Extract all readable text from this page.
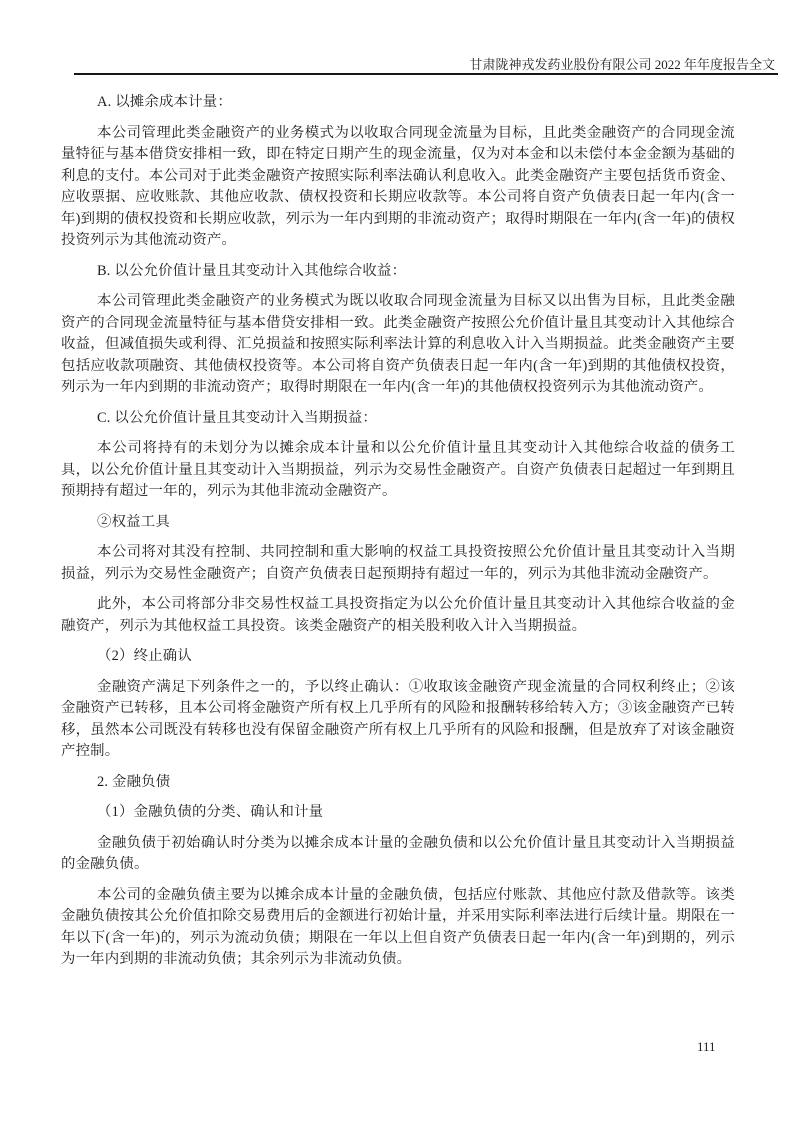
甘肃陇神戎发药业股份有限公司 2022 年年度报告全文
A. 以摊余成本计量：
本公司管理此类金融资产的业务模式为以收取合同现金流量为目标，且此类金融资产的合同现金流量特征与基本借贷安排相一致，即在特定日期产生的现金流量，仅为对本金和以未偿付本金金额为基础的利息的支付。本公司对于此类金融资产按照实际利率法确认利息收入。此类金融资产主要包括货币资金、应收票据、应收账款、其他应收款、债权投资和长期应收款等。本公司将自资产负债表日起一年内(含一年)到期的债权投资和长期应收款，列示为一年内到期的非流动资产；取得时期限在一年内(含一年)的债权投资列示为其他流动资产。
B. 以公允价值计量且其变动计入其他综合收益：
本公司管理此类金融资产的业务模式为既以收取合同现金流量为目标又以出售为目标，且此类金融资产的合同现金流量特征与基本借贷安排相一致。此类金融资产按照公允价值计量且其变动计入其他综合收益，但减值损失或利得、汇兑损益和按照实际利率法计算的利息收入计入当期损益。此类金融资产主要包括应收款项融资、其他债权投资等。本公司将自资产负债表日起一年内(含一年)到期的其他债权投资，列示为一年内到期的非流动资产；取得时期限在一年内(含一年)的其他债权投资列示为其他流动资产。
C. 以公允价值计量且其变动计入当期损益：
本公司将持有的未划分为以摊余成本计量和以公允价值计量且其变动计入其他综合收益的债务工具，以公允价值计量且其变动计入当期损益，列示为交易性金融资产。自资产负债表日起超过一年到期且预期持有超过一年的，列示为其他非流动金融资产。
②权益工具
本公司将对其没有控制、共同控制和重大影响的权益工具投资按照公允价值计量且其变动计入当期损益，列示为交易性金融资产；自资产负债表日起预期持有超过一年的，列示为其他非流动金融资产。
此外，本公司将部分非交易性权益工具投资指定为以公允价值计量且其变动计入其他综合收益的金融资产，列示为其他权益工具投资。该类金融资产的相关股利收入计入当期损益。
（2）终止确认
金融资产满足下列条件之一的，予以终止确认：①收取该金融资产现金流量的合同权利终止；②该金融资产已转移，且本公司将金融资产所有权上几乎所有的风险和报酬转移给转入方；③该金融资产已转移，虽然本公司既没有转移也没有保留金融资产所有权上几乎所有的风险和报酬，但是放弃了对该金融资产控制。
2. 金融负债
（1）金融负债的分类、确认和计量
金融负债于初始确认时分类为以摊余成本计量的金融负债和以公允价值计量且其变动计入当期损益的金融负债。
本公司的金融负债主要为以摊余成本计量的金融负债，包括应付账款、其他应付款及借款等。该类金融负债按其公允价值扣除交易费用后的金额进行初始计量，并采用实际利率法进行后续计量。期限在一年以下(含一年)的，列示为流动负债；期限在一年以上但自资产负债表日起一年内(含一年)到期的，列示为一年内到期的非流动负债；其余列示为非流动负债。
111
